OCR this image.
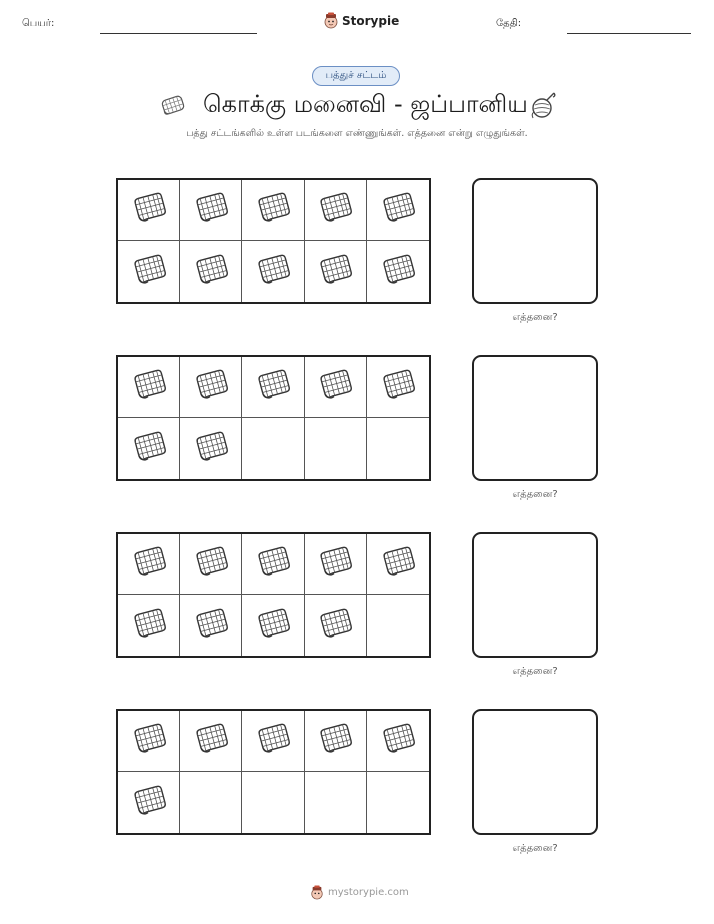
பெயர்:	Storypie	தேதி:
பத்துச் சட்டம்
கொக்கு மனைவி - ஜப்பானிய
பத்து சட்டங்களில் உள்ள படங்களை எண்ணுங்கள். எத்தனை என்று எழுதுங்கள்.
எத்தனை?
எத்தனை?
எத்தனை?
எத்தனை?
mystorypie.com
